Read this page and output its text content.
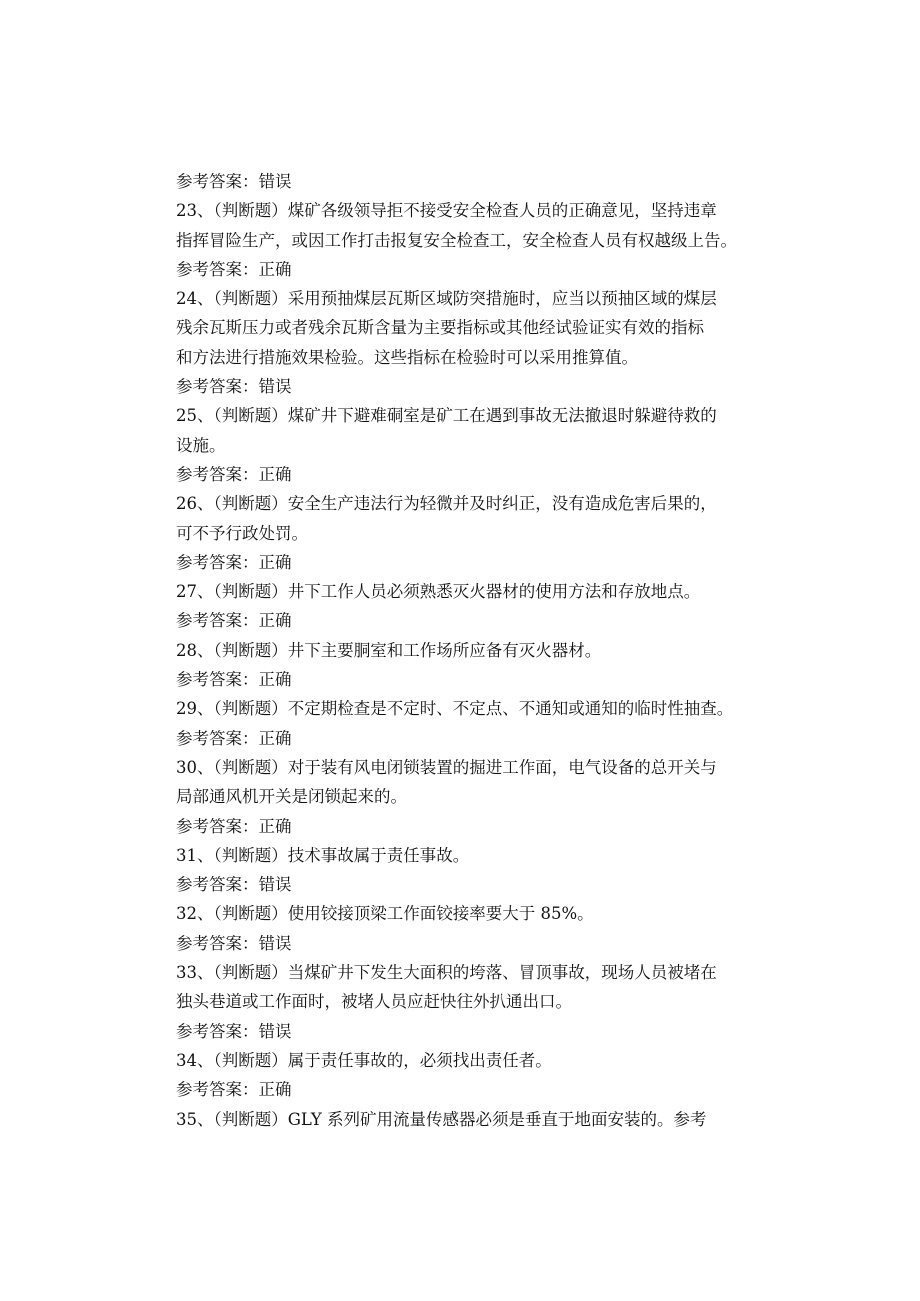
参考答案：错误
23、（判断题）煤矿各级领导拒不接受安全检查人员的正确意见，坚持违章
指挥冒险生产，或因工作打击报复安全检查工，安全检查人员有权越级上告。
参考答案：正确
24、（判断题）采用预抽煤层瓦斯区域防突措施时，应当以预抽区域的煤层
残余瓦斯压力或者残余瓦斯含量为主要指标或其他经试验证实有效的指标
和方法进行措施效果检验。这些指标在检验时可以采用推算值。
参考答案：错误
25、（判断题）煤矿井下避难硐室是矿工在遇到事故无法撤退时躲避待救的
设施。
参考答案：正确
26、（判断题）安全生产违法行为轻微并及时纠正，没有造成危害后果的，
可不予行政处罚。
参考答案：正确
27、（判断题）井下工作人员必须熟悉灭火器材的使用方法和存放地点。
参考答案：正确
28、（判断题）井下主要胴室和工作场所应备有灭火器材。
参考答案：正确
29、（判断题）不定期检查是不定时、不定点、不通知或通知的临时性抽查。
参考答案：正确
30、（判断题）对于装有风电闭锁装置的掘进工作面，电气设备的总开关与
局部通风机开关是闭锁起来的。
参考答案：正确
31、（判断题）技术事故属于责任事故。
参考答案：错误
32、（判断题）使用铰接顶梁工作面铰接率要大于 85%。
参考答案：错误
33、（判断题）当煤矿井下发生大面积的垮落、冒顶事故，现场人员被堵在
独头巷道或工作面时，被堵人员应赶快往外扒通出口。
参考答案：错误
34、（判断题）属于责任事故的，必须找出责任者。
参考答案：正确
35、（判断题）GLY 系列矿用流量传感器必须是垂直于地面安装的。参考
